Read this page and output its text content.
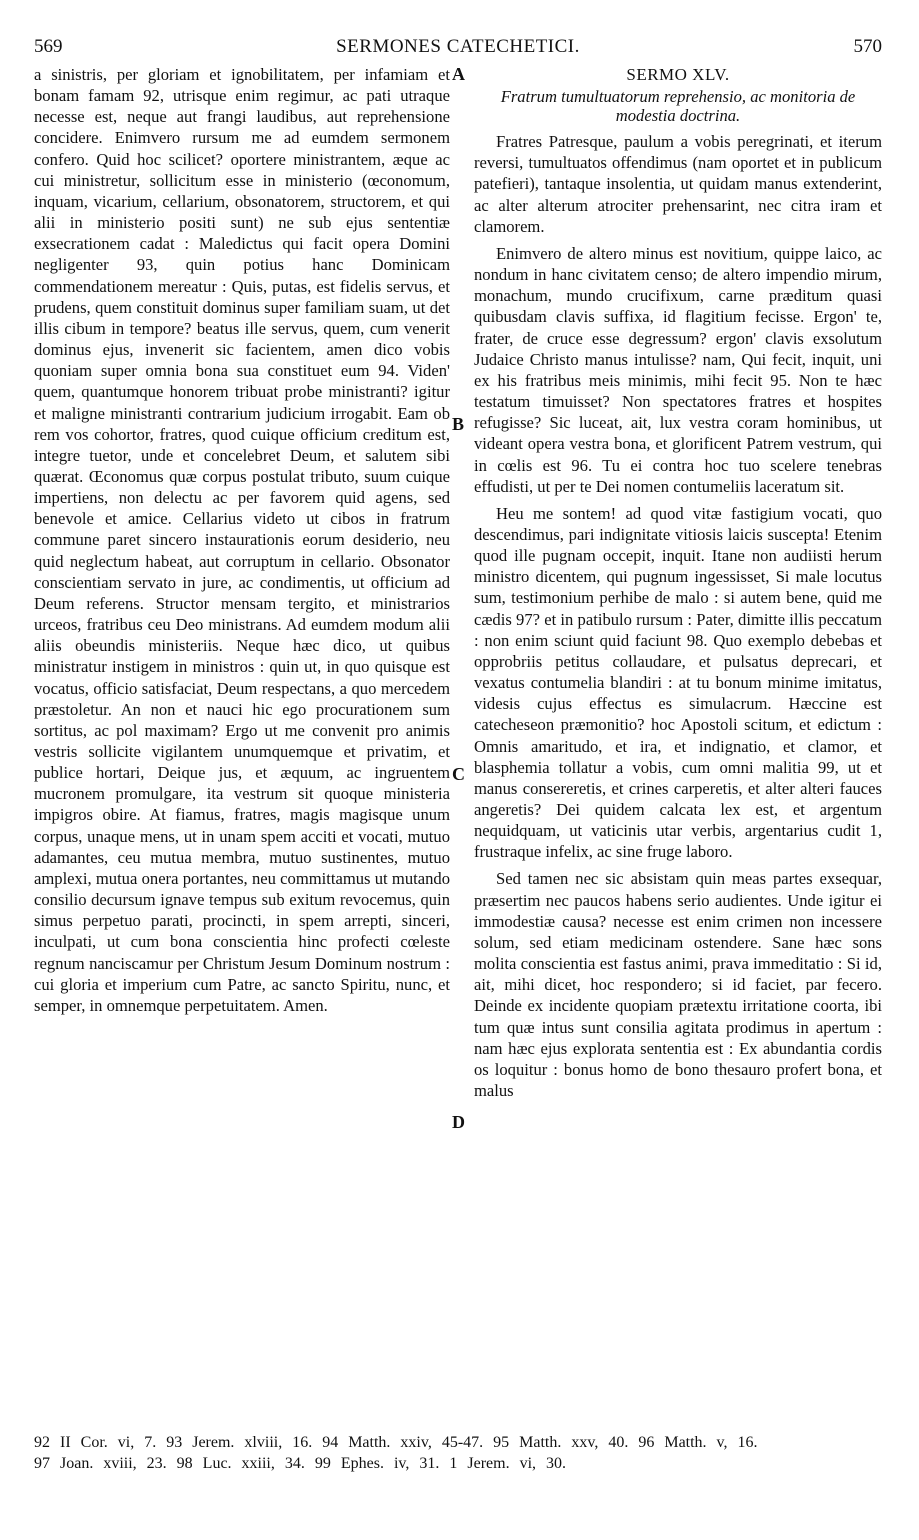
569	SERMONES CATECHETICI.	570

a sinistris, per gloriam et ignobilitatem, per infamiam et bonam famam 92, utrisque enim regimur, ac pati utraque necesse est, neque aut frangi laudibus, aut reprehensione concidere. Enimvero rursum me ad eumdem sermonem confero. Quid hoc scilicet? oportere ministrantem, æque ac cui ministretur, sollicitum esse in ministerio (œconomum, inquam, vicarium, cellarium, obsonatorem, structorem, et qui alii in ministerio positi sunt) ne sub ejus sententiæ exsecrationem cadat : Maledictus qui facit opera Domini negligenter 93, quin potius hanc Dominicam commendationem mereatur : Quis, putas, est fidelis servus, et prudens, quem constituit dominus super familiam suam, ut det illis cibum in tempore? beatus ille servus, quem, cum venerit dominus ejus, invenerit sic facientem, amen dico vobis quoniam super omnia bona sua constituet eum 94. Viden' quem, quantumque honorem tribuat probe ministranti? igitur et maligne ministranti contrarium judicium irrogabit. Eam ob rem vos cohortor, fratres, quod cuique officium creditum est, integre tuetor, unde et concelebret Deum, et salutem sibi quærat. Œconomus quæ corpus postulat tributo, suum cuique impertiens, non delectu ac per favorem quid agens, sed benevole et amice. Cellarius videto ut cibos in fratrum commune paret sincero instaurationis eorum desiderio, neu quid neglectum habeat, aut corruptum in cellario. Obsonator conscientiam servato in jure, ac condimentis, ut officium ad Deum referens. Structor mensam tergito, et ministrarios urceos, fratribus ceu Deo ministrans. Ad eumdem modum alii aliis obeundis ministeriis. Neque hæc dico, ut quibus ministratur instigem in ministros : quin ut, in quo quisque est vocatus, officio satisfaciat, Deum respectans, a quo mercedem præstoletur. An non et nauci hic ego procurationem sum sortitus, ac pol maximam? Ergo ut me convenit pro animis vestris sollicite vigilantem unumquemque et privatim, et publice hortari, Deique jus, et æquum, ac ingruentem mucronem promulgare, ita vestrum sit quoque ministeria impigros obire. At fiamus, fratres, magis magisque unum corpus, unaque mens, ut in unam spem acciti et vocati, mutuo adamantes, ceu mutua membra, mutuo sustinentes, mutuo amplexi, mutua onera portantes, neu committamus ut mutando consilio decursum ignave tempus sub exitum revocemus, quin simus perpetuo parati, procincti, in spem arrepti, sinceri, inculpati, ut cum bona conscientia hinc profecti cœleste regnum nanciscamur per Christum Jesum Dominum nostrum : cui gloria et imperium cum Patre, ac sancto Spiritu, nunc, et semper, in omnemque perpetuitatem. Amen.

SERMO XLV.

Fratrum tumultuatorum reprehensio, ac monitoria de modestia doctrina.

Fratres Patresque, paulum a vobis peregrinati, et iterum reversi, tumultuatos offendimus (nam oportet et in publicum patefieri), tantaque insolentia, ut quidam manus extenderint, ac alter alterum atrociter prehensarint, nec citra iram et clamorem.

Enimvero de altero minus est novitium, quippe laico, ac nondum in hanc civitatem censo; de altero impendio mirum, monachum, mundo crucifixum, carne præditum quasi quibusdam clavis suffixa, id flagitium fecisse. Ergon' te, frater, de cruce esse degressum? ergon' clavis exsolutum Judaice Christo manus intulisse? nam, Qui fecit, inquit, uni ex his fratribus meis minimis, mihi fecit 95. Non te hæc testatum timuisset? Non spectatores fratres et hospites refugisse? Sic luceat, ait, lux vestra coram hominibus, ut videant opera vestra bona, et glorificent Patrem vestrum, qui in cœlis est 96. Tu ei contra hoc tuo scelere tenebras effudisti, ut per te Dei nomen contumeliis laceratum sit.

Heu me sontem! ad quod vitæ fastigium vocati, quo descendimus, pari indignitate vitiosis laicis suscepta! Etenim quod ille pugnam occepit, inquit. Itane non audiisti herum ministro dicentem, qui pugnum ingessisset, Si male locutus sum, testimonium perhibe de malo : si autem bene, quid me cædis 97? et in patibulo rursum : Pater, dimitte illis peccatum : non enim sciunt quid faciunt 98. Quo exemplo debebas et opprobriis petitus collaudare, et pulsatus deprecari, et vexatus contumelia blandiri : at tu bonum minime imitatus, videsis cujus effectus es simulacrum. Hæccine est catecheseon præmonitio? hoc Apostoli scitum, et edictum : Omnis amaritudo, et ira, et indignatio, et clamor, et blasphemia tollatur a vobis, cum omni malitia 99, ut et manus consereretis, et crines carperetis, et alter alteri fauces angeretis? Dei quidem calcata lex est, et argentum nequidquam, ut vaticinis utar verbis, argentarius cudit 1, frustraque infelix, ac sine fruge laboro.

Sed tamen nec sic absistam quin meas partes exsequar, præsertim nec paucos habens serio audientes. Unde igitur ei immodestiæ causa? necesse est enim crimen non incessere solum, sed etiam medicinam ostendere. Sane hæc sons molita conscientia est fastus animi, prava immeditatio : Si id, ait, mihi dicet, hoc respondero; si id faciet, par fecero. Deinde ex incidente quopiam prætextu irritatione coorta, ibi tum quæ intus sunt consilia agitata prodimus in apertum : nam hæc ejus explorata sententia est : Ex abundantia cordis os loquitur : bonus homo de bono thesauro profert bona, et malus

A
B
C
D

92 II Cor. vi, 7. 93 Jerem. xlviii, 16. 94 Matth. xxiv, 45-47. 95 Matth. xxv, 40. 96 Matth. v, 16.

97 Joan. xviii, 23. 98 Luc. xxiii, 34. 99 Ephes. iv, 31. 1 Jerem. vi, 30.
